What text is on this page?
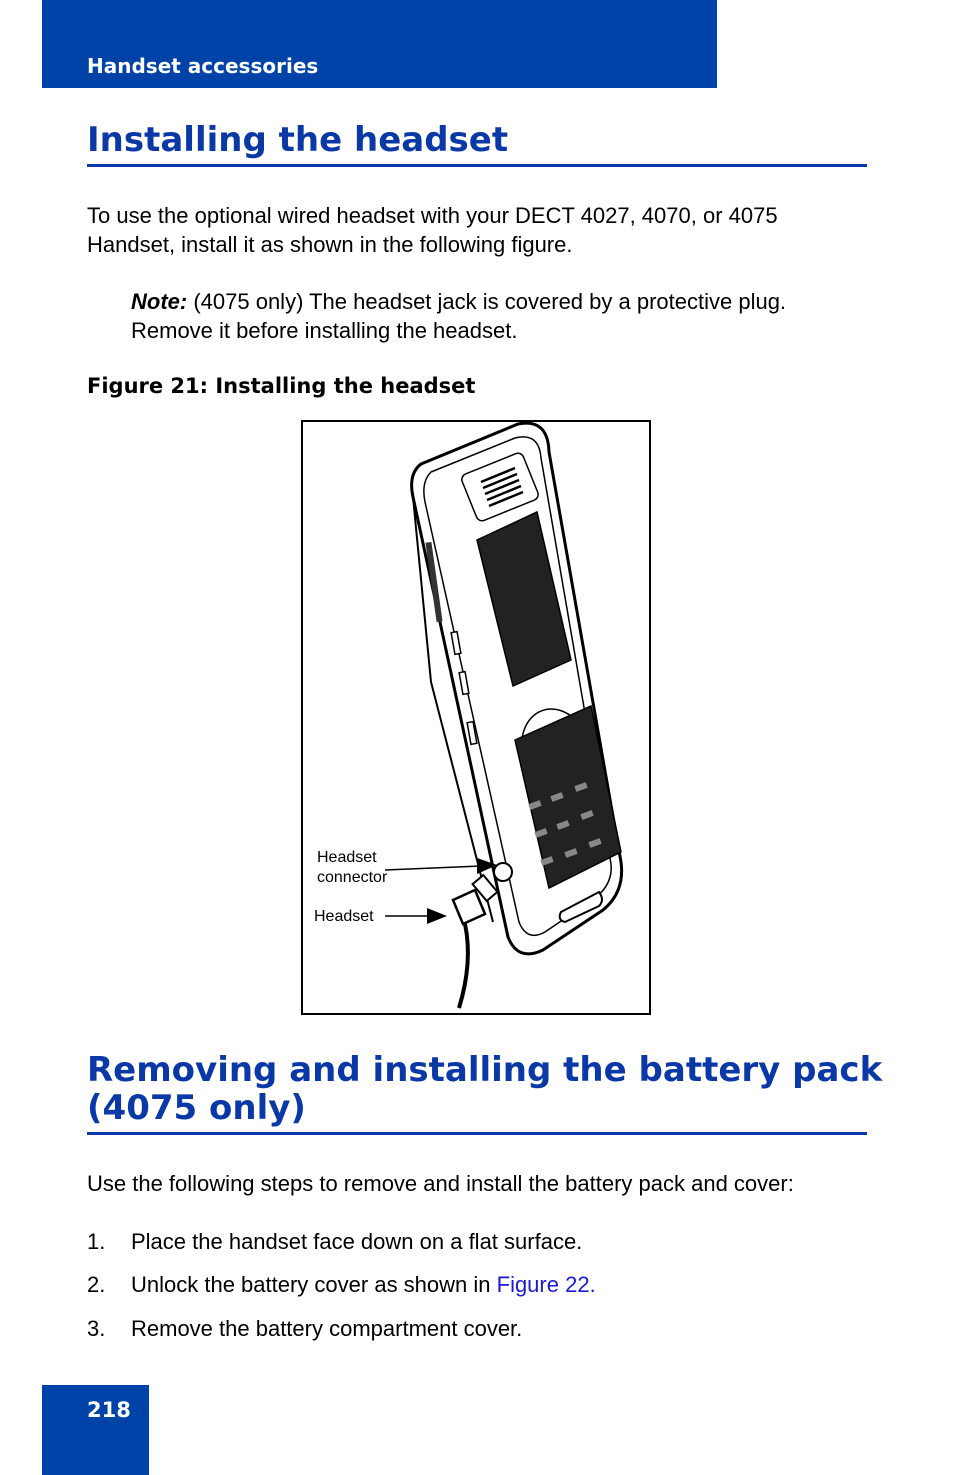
Handset accessories
Installing the headset

To use the optional wired headset with your DECT 4027, 4070, or 4075 Handset, install it as shown in the following figure.

Note: (4075 only) The headset jack is covered by a protective plug. Remove it before installing the headset.

Figure 21: Installing the headset
Headset
connector
Headset
Removing and installing the battery pack
(4075 only)

Use the following steps to remove and install the battery pack and cover:

1. Place the handset face down on a flat surface.
2. Unlock the battery cover as shown in Figure 22.
3. Remove the battery compartment cover.
218
